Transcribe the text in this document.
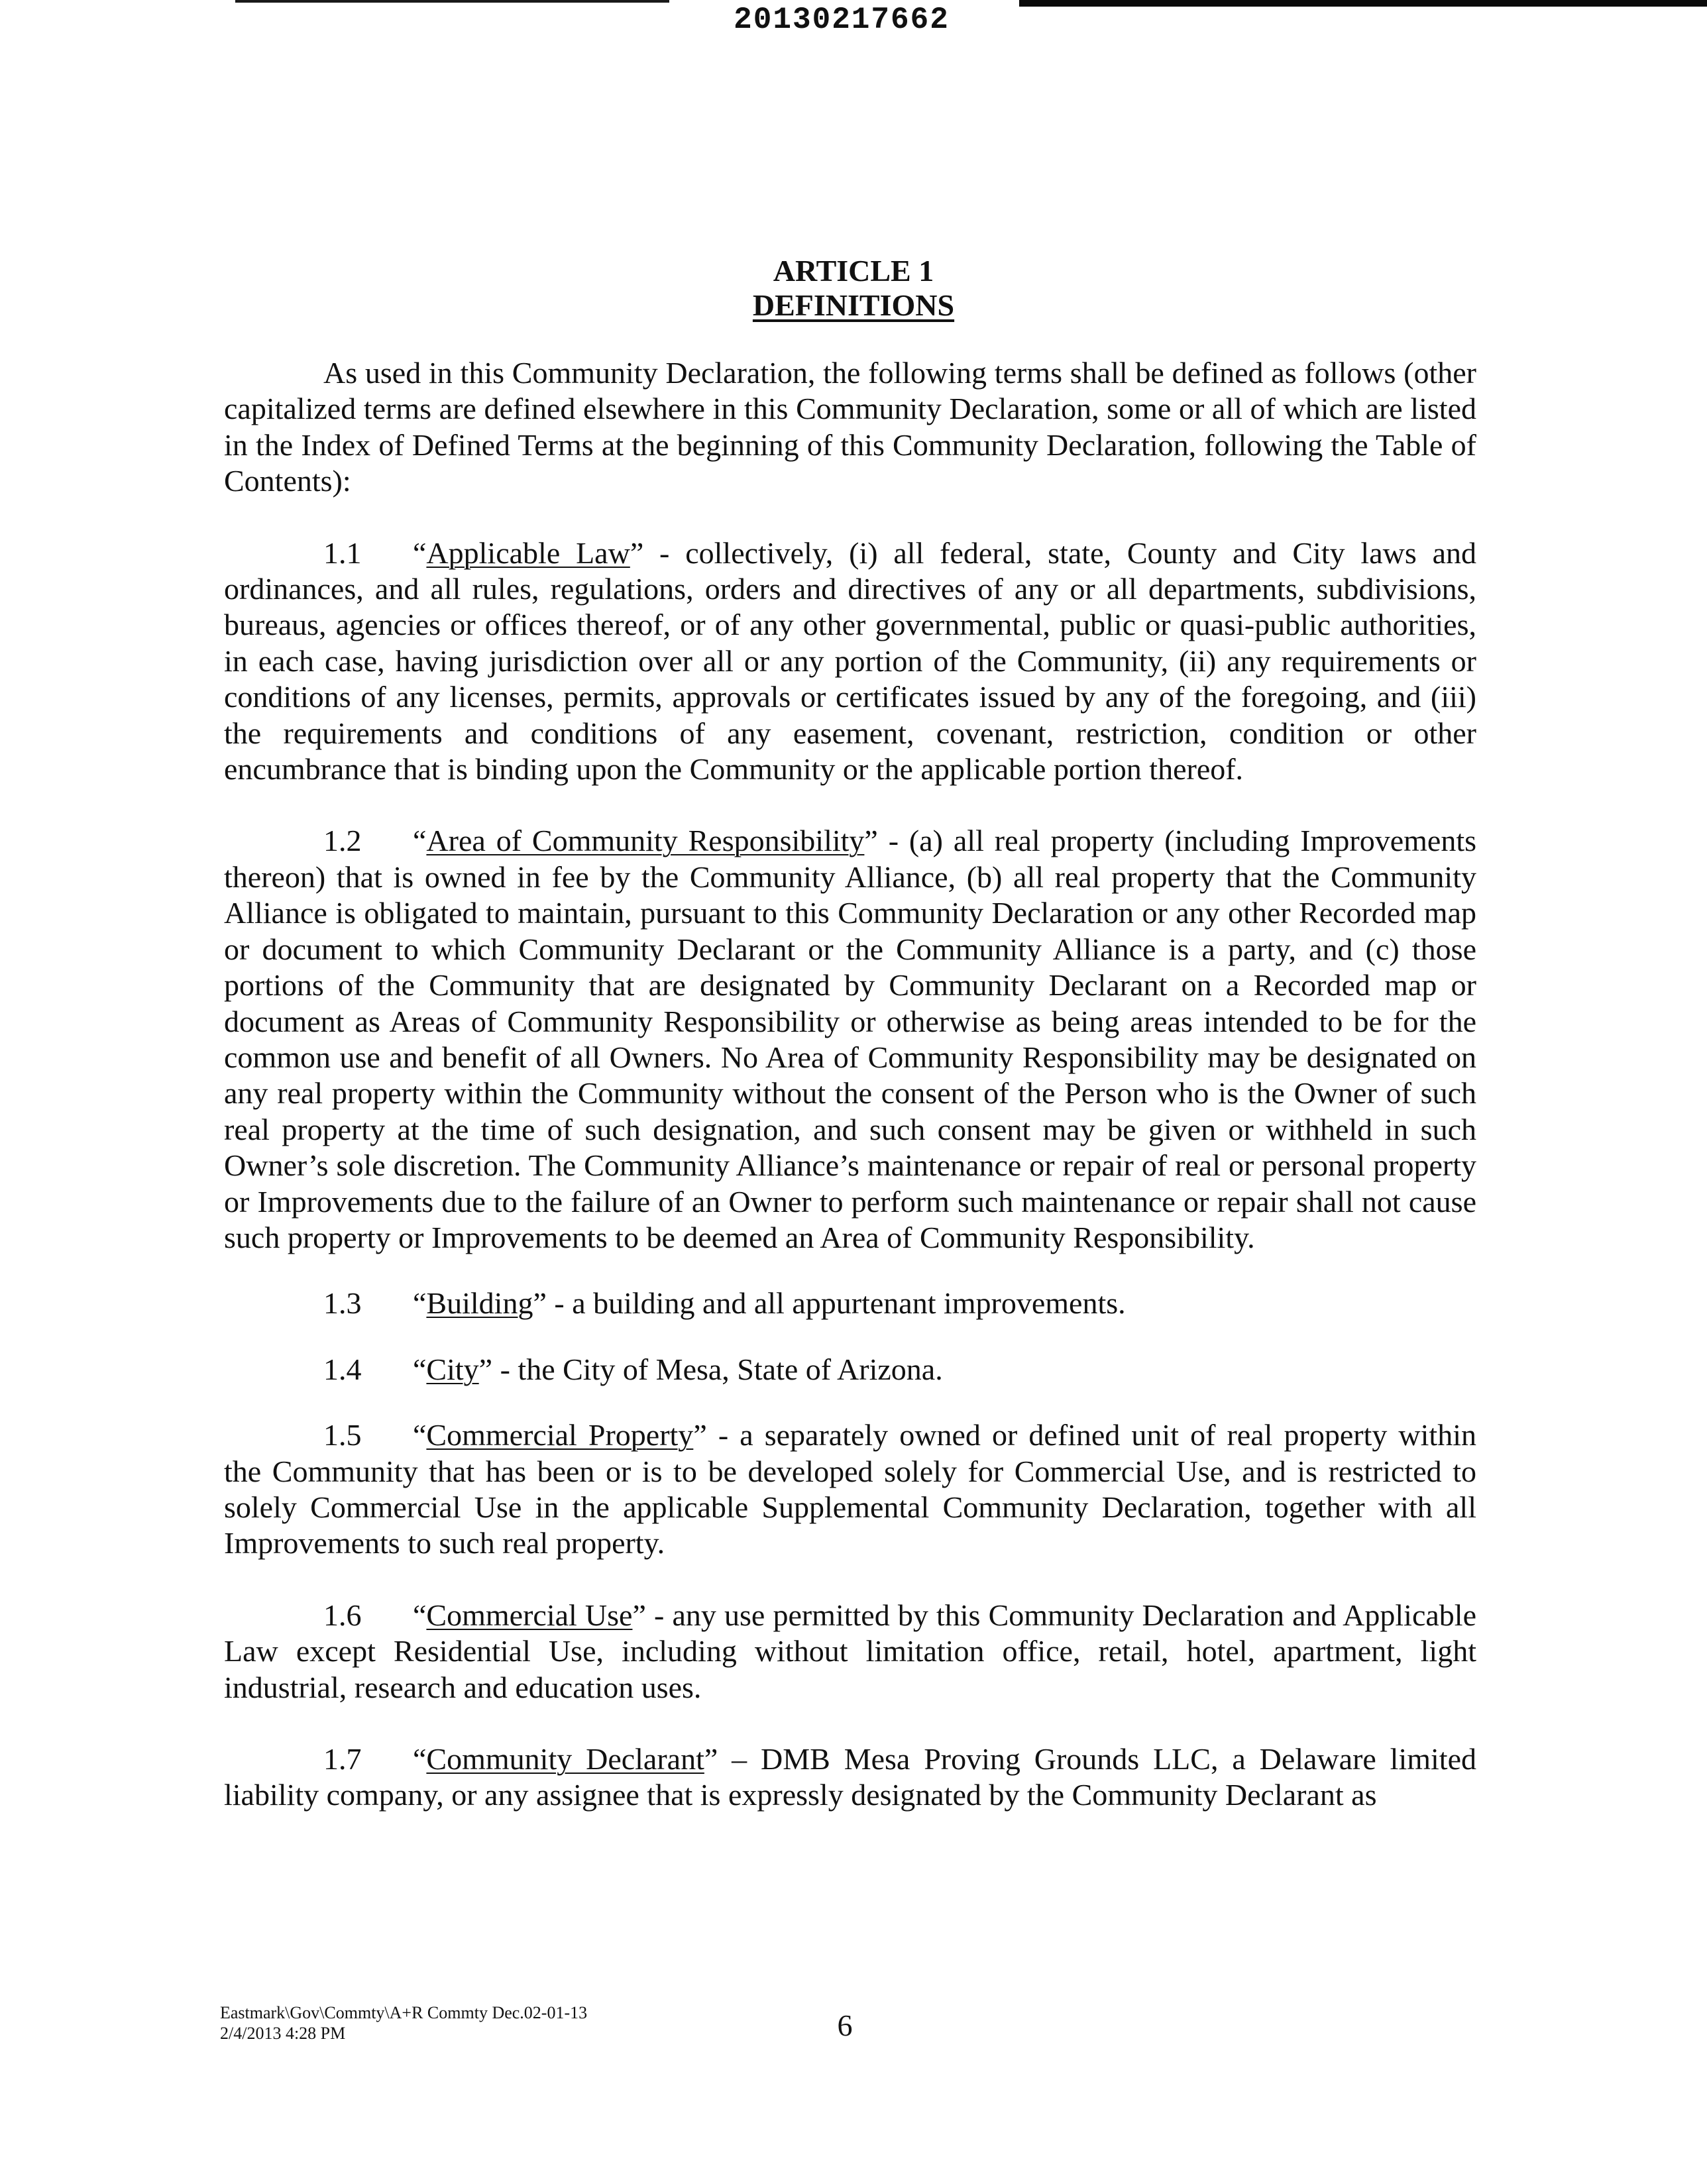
20130217662
ARTICLE 1
DEFINITIONS

As used in this Community Declaration, the following terms shall be defined as follows (other capitalized terms are defined elsewhere in this Community Declaration, some or all of which are listed in the Index of Defined Terms at the beginning of this Community Declaration, following the Table of Contents):

1.1 “Applicable Law” - collectively, (i) all federal, state, County and City laws and ordinances, and all rules, regulations, orders and directives of any or all departments, subdivisions, bureaus, agencies or offices thereof, or of any other governmental, public or quasi-public authorities, in each case, having jurisdiction over all or any portion of the Community, (ii) any requirements or conditions of any licenses, permits, approvals or certificates issued by any of the foregoing, and (iii) the requirements and conditions of any easement, covenant, restriction, condition or other encumbrance that is binding upon the Community or the applicable portion thereof.

1.2 “Area of Community Responsibility” - (a) all real property (including Improvements thereon) that is owned in fee by the Community Alliance, (b) all real property that the Community Alliance is obligated to maintain, pursuant to this Community Declaration or any other Recorded map or document to which Community Declarant or the Community Alliance is a party, and (c) those portions of the Community that are designated by Community Declarant on a Recorded map or document as Areas of Community Responsibility or otherwise as being areas intended to be for the common use and benefit of all Owners. No Area of Community Responsibility may be designated on any real property within the Community without the consent of the Person who is the Owner of such real property at the time of such designation, and such consent may be given or withheld in such Owner’s sole discretion. The Community Alliance’s maintenance or repair of real or personal property or Improvements due to the failure of an Owner to perform such maintenance or repair shall not cause such property or Improvements to be deemed an Area of Community Responsibility.

1.3 “Building” - a building and all appurtenant improvements.

1.4 “City” - the City of Mesa, State of Arizona.

1.5 “Commercial Property” - a separately owned or defined unit of real property within the Community that has been or is to be developed solely for Commercial Use, and is restricted to solely Commercial Use in the applicable Supplemental Community Declaration, together with all Improvements to such real property.

1.6 “Commercial Use” - any use permitted by this Community Declaration and Applicable Law except Residential Use, including without limitation office, retail, hotel, apartment, light industrial, research and education uses.

1.7 “Community Declarant” – DMB Mesa Proving Grounds LLC, a Delaware limited liability company, or any assignee that is expressly designated by the Community Declarant as

Eastmark\Gov\Commty\A+R Commty Dec.02-01-13
2/4/2013 4:28 PM	6
